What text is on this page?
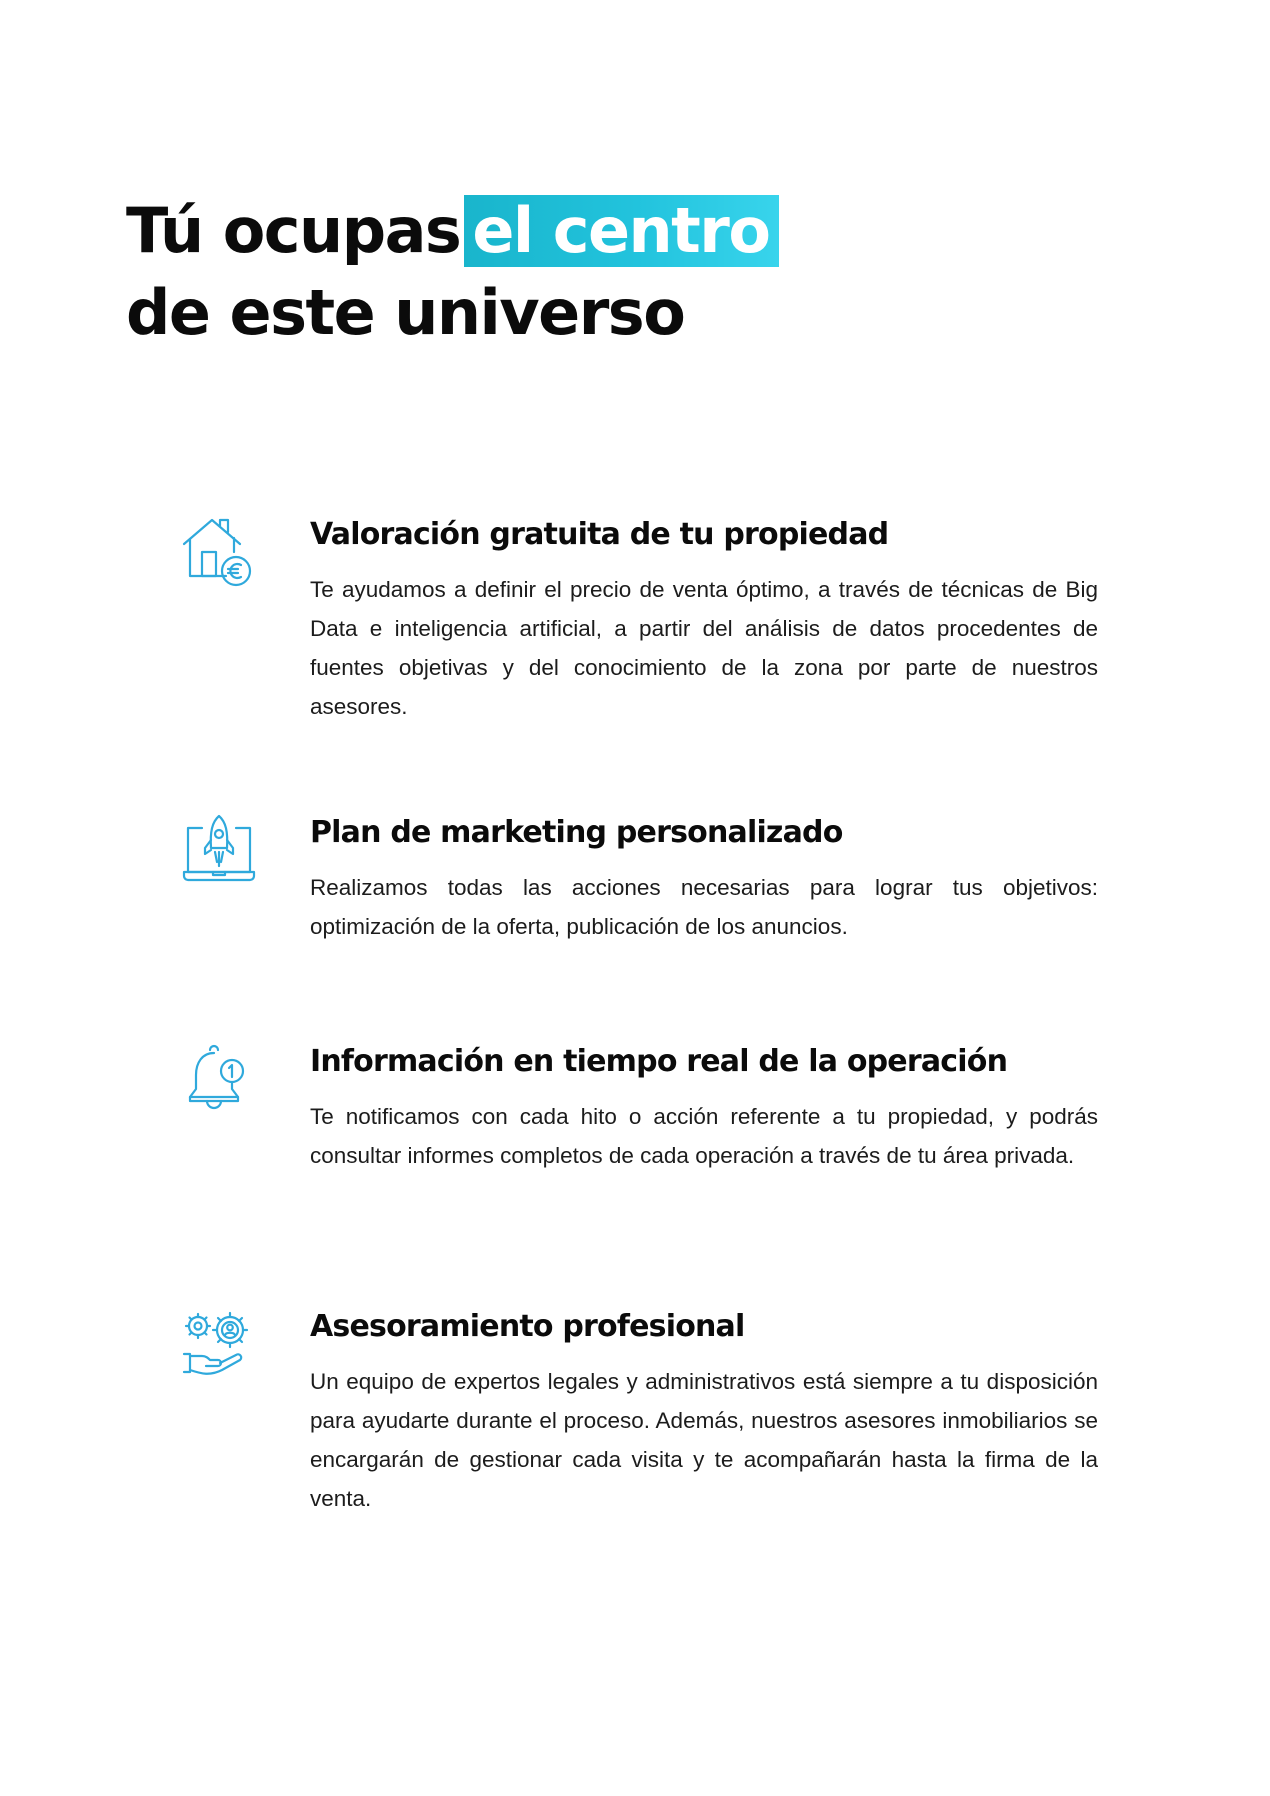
Tú ocupas el centro
de este universo
Valoración gratuita de tu propiedad

Te ayudamos a definir el precio de venta óptimo, a través de técnicas de Big Data e inteligencia artificial, a partir del análisis de datos procedentes de fuentes objetivas y del conocimiento de la zona por parte de nuestros asesores.

Plan de marketing personalizado

Realizamos todas las acciones necesarias para lograr tus objetivos: optimización de la oferta, publicación de los anuncios.

Información en tiempo real de la operación

Te notificamos con cada hito o acción referente a tu propiedad, y podrás consultar informes completos de cada operación a través de tu área privada.

Asesoramiento profesional

Un equipo de expertos legales y administrativos está siempre a tu disposición para ayudarte durante el proceso. Además, nuestros asesores inmobiliarios se encargarán de gestionar cada visita y te acompañarán hasta la firma de la venta.
